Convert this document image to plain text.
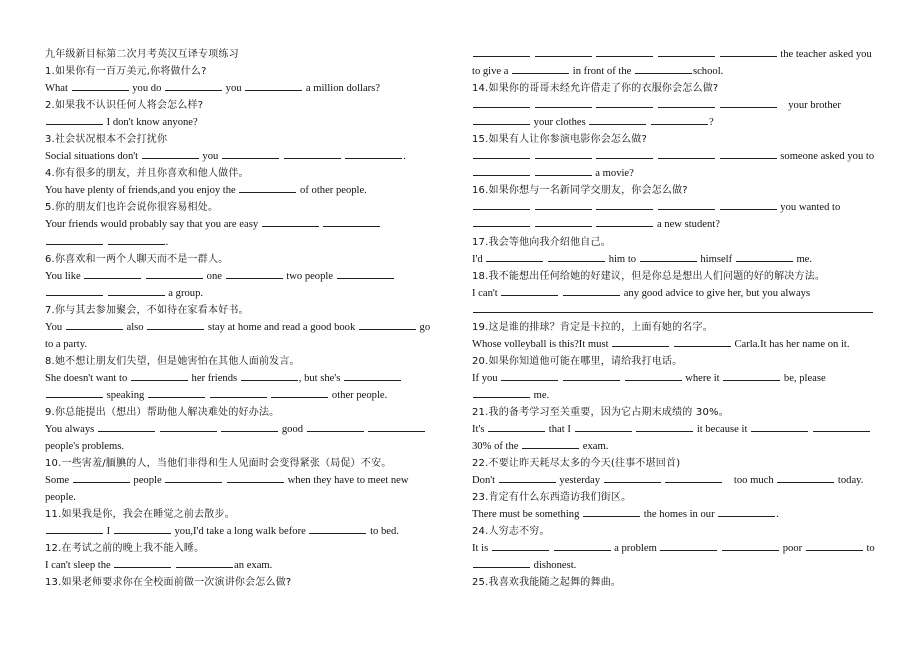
九年级新目标第二次月考英汉互译专项练习
1.如果你有一百万美元,你将做什么?
What	you do	you	a million dollars?
2.如果我不认识任何人将会怎么样?
I don't know anyone?
3.社会状况根本不会打扰你
Social situations don't	you	.
4.你有很多的朋友，并且你喜欢和他人做伴。
You have plenty of friends,and you enjoy the	of other people.
5.你的朋友们也许会说你很容易相处。
Your friends would probably say that you are easy
.
6.你喜欢和一两个人聊天而不是一群人。
You like	one	two people
a group.
7.你与其去参加聚会，不如待在家看本好书。
You	also	stay at home and read a good book	go
to a party.
8.她不想让朋友们失望，但是她害怕在其他人面前发言。
She doesn't want to	her friends	, but she's
speaking	other people.
9.你总能提出（想出）帮助他人解决难处的好办法。
You always	good
people's problems.
10.一些害羞/腼腆的人，当他们非得和生人见面时会变得紧张（局促）不安。
Some	people	when they have to meet new
people.
11.如果我是你，我会在睡觉之前去散步。
I	you,I'd take a long walk before	to bed.
12.在考试之前的晚上我不能入睡。
I can't sleep the	an exam.
13.如果老师要求你在全校面前做一次演讲你会怎么做?
the teacher asked you
to give a	in front of the	school.
14.如果你的哥哥未经允许借走了你的衣服你会怎么做?
your brother
your clothes	?
15.如果有人让你参演电影你会怎么做?
someone asked you to
a movie?
16.如果你想与一名新同学交朋友，你会怎么做?
you wanted to
a new student?
17.我会等他向我介绍他自己。
I'd	him to	himself	me.
18.我不能想出任何给她的好建议，但是你总是想出人们问题的好的解决方法。
I can't	any good advice to give her, but you always
19.这是谁的排球？肯定是卡拉的，上面有她的名字。
Whose volleyball is this?It must	Carla.It has her name on it.
20.如果你知道他可能在哪里，请给我打电话。
If you	where it	be, please
me.
21.我的备考学习至关重要，因为它占期末成绩的 30%。
It's	that I	it because it
30% of the	exam.
22.不要让昨天耗尽太多的今天(往事不堪回首)
Don't	yesterday	too much	today.
23.肯定有什么东西造访我们街区。
There must be something	the homes in our	.
24.人穷志不穷。
It is	a problem	poor	to
dishonest.
25.我喜欢我能随之起舞的舞曲。
